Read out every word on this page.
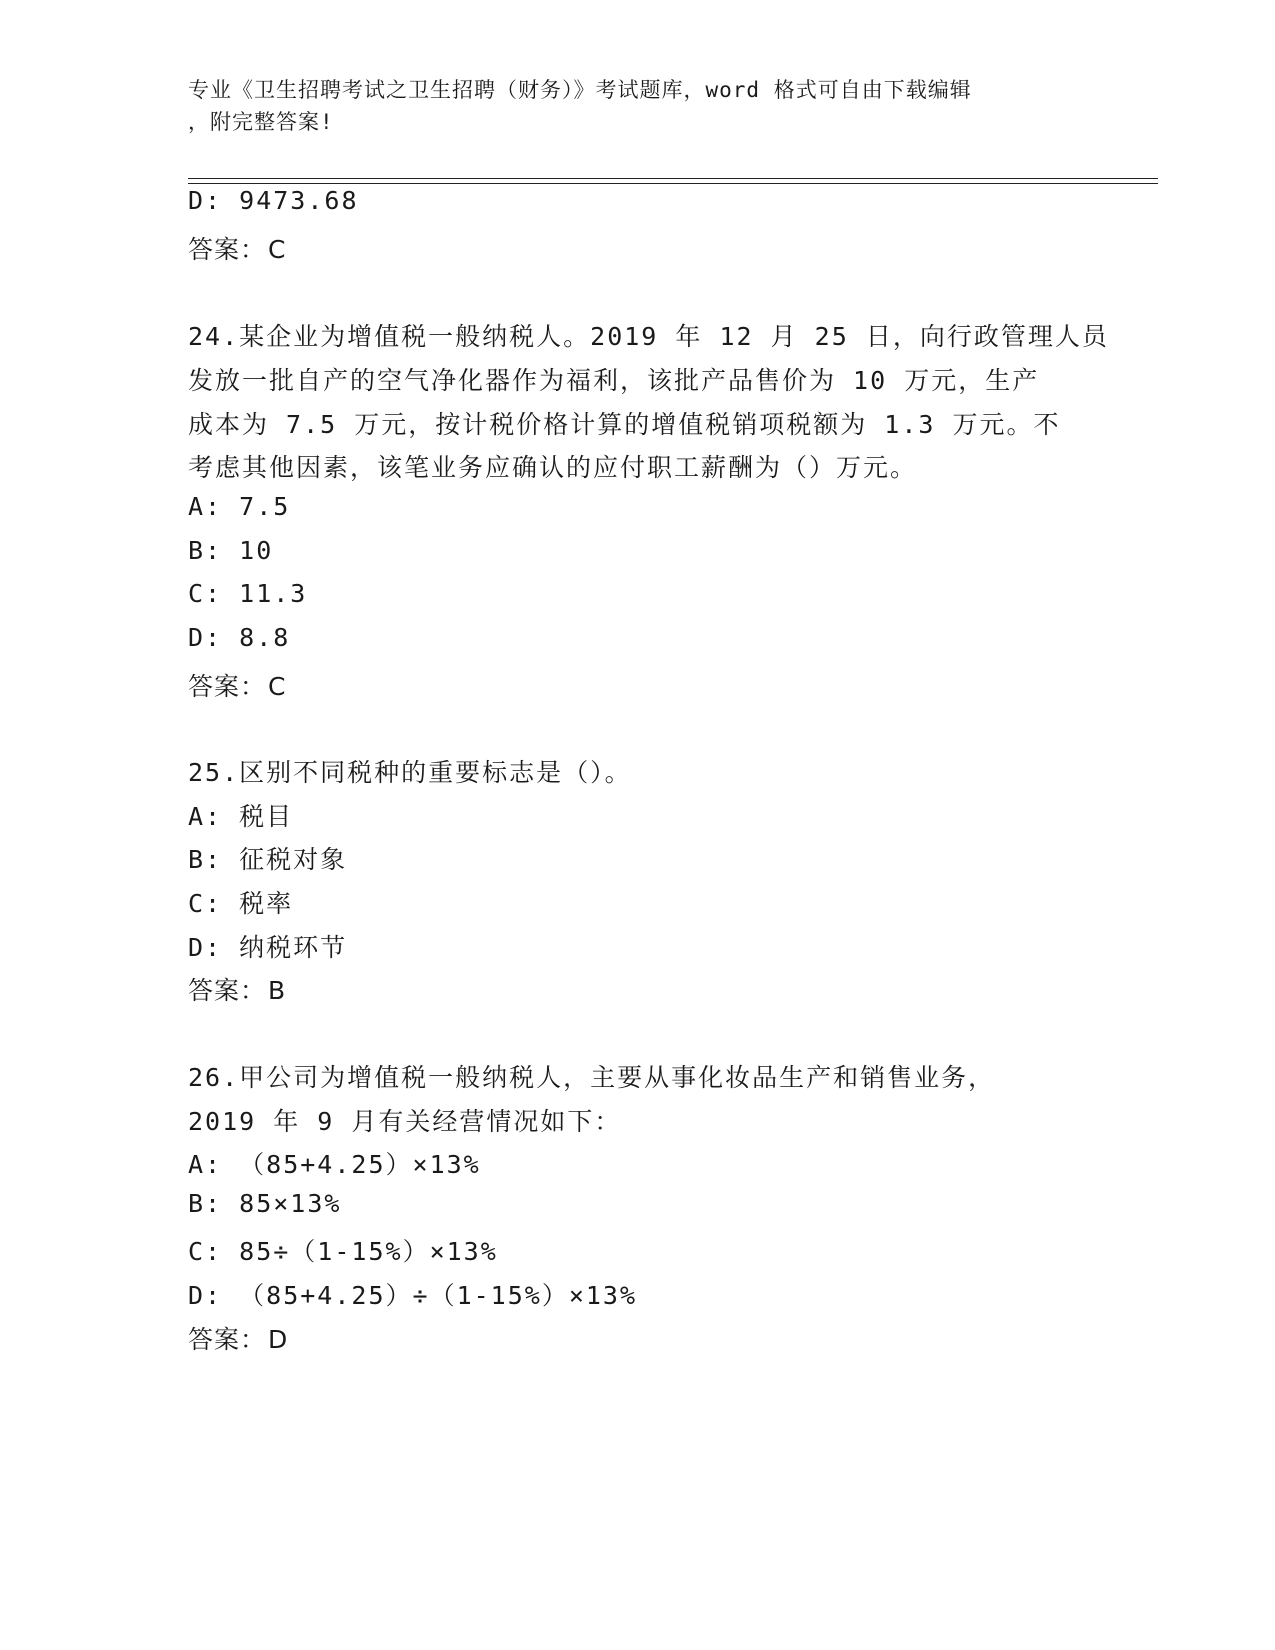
专业《卫生招聘考试之卫生招聘（财务）》考试题库，word 格式可自由下载编辑
，附完整答案!
D: 9473.68
答案：C
24.某企业为增值税一般纳税人。2019 年 12 月 25 日，向行政管理人员
发放一批自产的空气净化器作为福利，该批产品售价为 10 万元，生产
成本为 7.5 万元，按计税价格计算的增值税销项税额为 1.3 万元。不
考虑其他因素，该笔业务应确认的应付职工薪酬为（）万元。
A: 7.5
B: 10
C: 11.3
D: 8.8
答案：C
25.区别不同税种的重要标志是（）。
A: 税目
B: 征税对象
C: 税率
D: 纳税环节
答案：B
26.甲公司为增值税一般纳税人，主要从事化妆品生产和销售业务，
2019 年 9 月有关经营情况如下：
A: （85+4.25）×13%
B: 85×13%
C: 85÷（1-15%）×13%
D: （85+4.25）÷（1-15%）×13%
答案：D
